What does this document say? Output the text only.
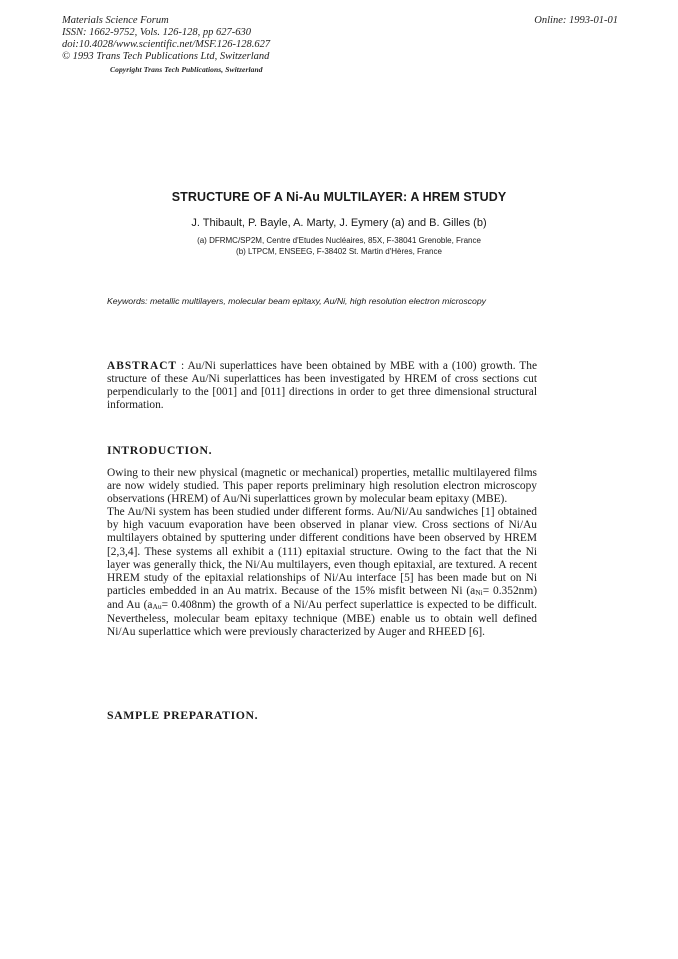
Materials Science Forum
ISSN: 1662-9752, Vols. 126-128, pp 627-630
doi:10.4028/www.scientific.net/MSF.126-128.627
© 1993 Trans Tech Publications Ltd, Switzerland
Copyright Trans Tech Publications, Switzerland
Online: 1993-01-01
STRUCTURE OF A Ni-Au MULTILAYER: A HREM STUDY
J. Thibault, P. Bayle, A. Marty, J. Eymery (a) and B. Gilles (b)
(a) DFRMC/SP2M, Centre d'Etudes Nucléaires, 85X, F-38041 Grenoble, France
(b) LTPCM, ENSEEG, F-38402 St. Martin d'Hères, France
Keywords: metallic multilayers, molecular beam epitaxy, Au/Ni, high resolution electron microscopy

ABSTRACT : Au/Ni superlattices have been obtained by MBE with a (100) growth. The structure of these Au/Ni superlattices has been investigated by HREM of cross sections cut perpendicularly to the [001] and [011] directions in order to get three dimensional structural information.

INTRODUCTION.

Owing to their new physical (magnetic or mechanical) properties, metallic multilayered films are now widely studied. This paper reports preliminary high resolution electron microscopy observations (HREM) of Au/Ni superlattices grown by molecular beam epitaxy (MBE).

The Au/Ni system has been studied under different forms. Au/Ni/Au sandwiches [1] obtained by high vacuum evaporation have been observed in planar view. Cross sections of Ni/Au multilayers obtained by sputtering under different conditions have been observed by HREM [2,3,4]. These systems all exhibit a (111) epitaxial structure. Owing to the fact that the Ni layer was generally thick, the Ni/Au multilayers, even though epitaxial, are textured. A recent HREM study of the epitaxial relationships of Ni/Au interface [5] has been made but on Ni particles embedded in an Au matrix. Because of the 15% misfit between Ni $(a_{Ni}= 0.352nm)$ and Au $(a_{Au}= 0.408nm)$ the growth of a Ni/Au perfect superlattice is expected to be difficult. Nevertheless, molecular beam epitaxy technique (MBE) enable us to obtain well defined Ni/Au superlattice which were previously characterized by Auger and RHEED [6].

SAMPLE PREPARATION.
